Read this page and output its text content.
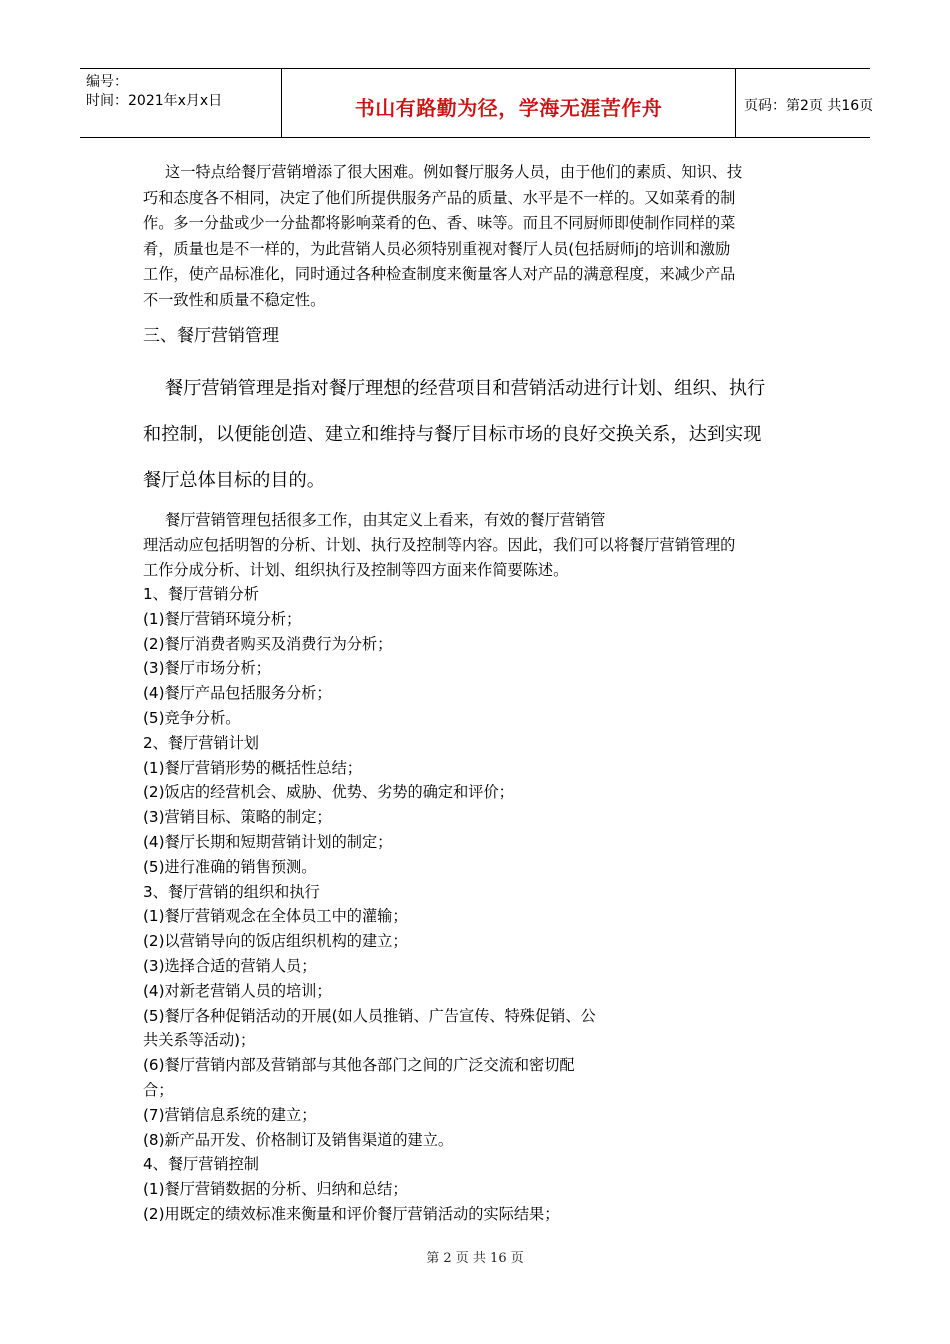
编号：
时间：2021年x月x日	书山有路勤为径，学海无涯苦作舟	页码：第2页 共16页
这一特点给餐厅营销增添了很大困难。例如餐厅服务人员，由于他们的素质、知识、技
巧和态度各不相同，决定了他们所提供服务产品的质量、水平是不一样的。又如菜肴的制
作。多一分盐或少一分盐都将影响菜肴的色、香、味等。而且不同厨师即使制作同样的菜
肴，质量也是不一样的，为此营销人员必须特别重视对餐厅人员(包括厨师j的培训和激励
工作，使产品标准化，同时通过各种检查制度来衡量客人对产品的满意程度，来减少产品
不一致性和质量不稳定性。
三、餐厅营销管理
餐厅营销管理是指对餐厅理想的经营项目和营销活动进行计划、组织、执行
和控制，以便能创造、建立和维持与餐厅目标市场的良好交换关系，达到实现
餐厅总体目标的目的。
餐厅营销管理包括很多工作，由其定义上看来，有效的餐厅营销管
理活动应包括明智的分析、计划、执行及控制等内容。因此，我们可以将餐厅营销管理的
工作分成分析、计划、组织执行及控制等四方面来作简要陈述。
1、餐厅营销分析
(1)餐厅营销环境分析；
(2)餐厅消费者购买及消费行为分析；
(3)餐厅市场分析；
(4)餐厅产品包括服务分析；
(5)竞争分析。
2、餐厅营销计划
(1)餐厅营销形势的概括性总结；
(2)饭店的经营机会、威胁、优势、劣势的确定和评价；
(3)营销目标、策略的制定；
(4)餐厅长期和短期营销计划的制定；
(5)进行准确的销售预测。
3、餐厅营销的组织和执行
(1)餐厅营销观念在全体员工中的灌输；
(2)以营销导向的饭店组织机构的建立；
(3)选择合适的营销人员；
(4)对新老营销人员的培训；
(5)餐厅各种促销活动的开展(如人员推销、广告宣传、特殊促销、公
共关系等活动)；
(6)餐厅营销内部及营销部与其他各部门之间的广泛交流和密切配
合；
(7)营销信息系统的建立；
(8)新产品开发、价格制订及销售渠道的建立。
4、餐厅营销控制
(1)餐厅营销数据的分析、归纳和总结；
(2)用既定的绩效标准来衡量和评价餐厅营销活动的实际结果；
第 2 页 共 16 页
